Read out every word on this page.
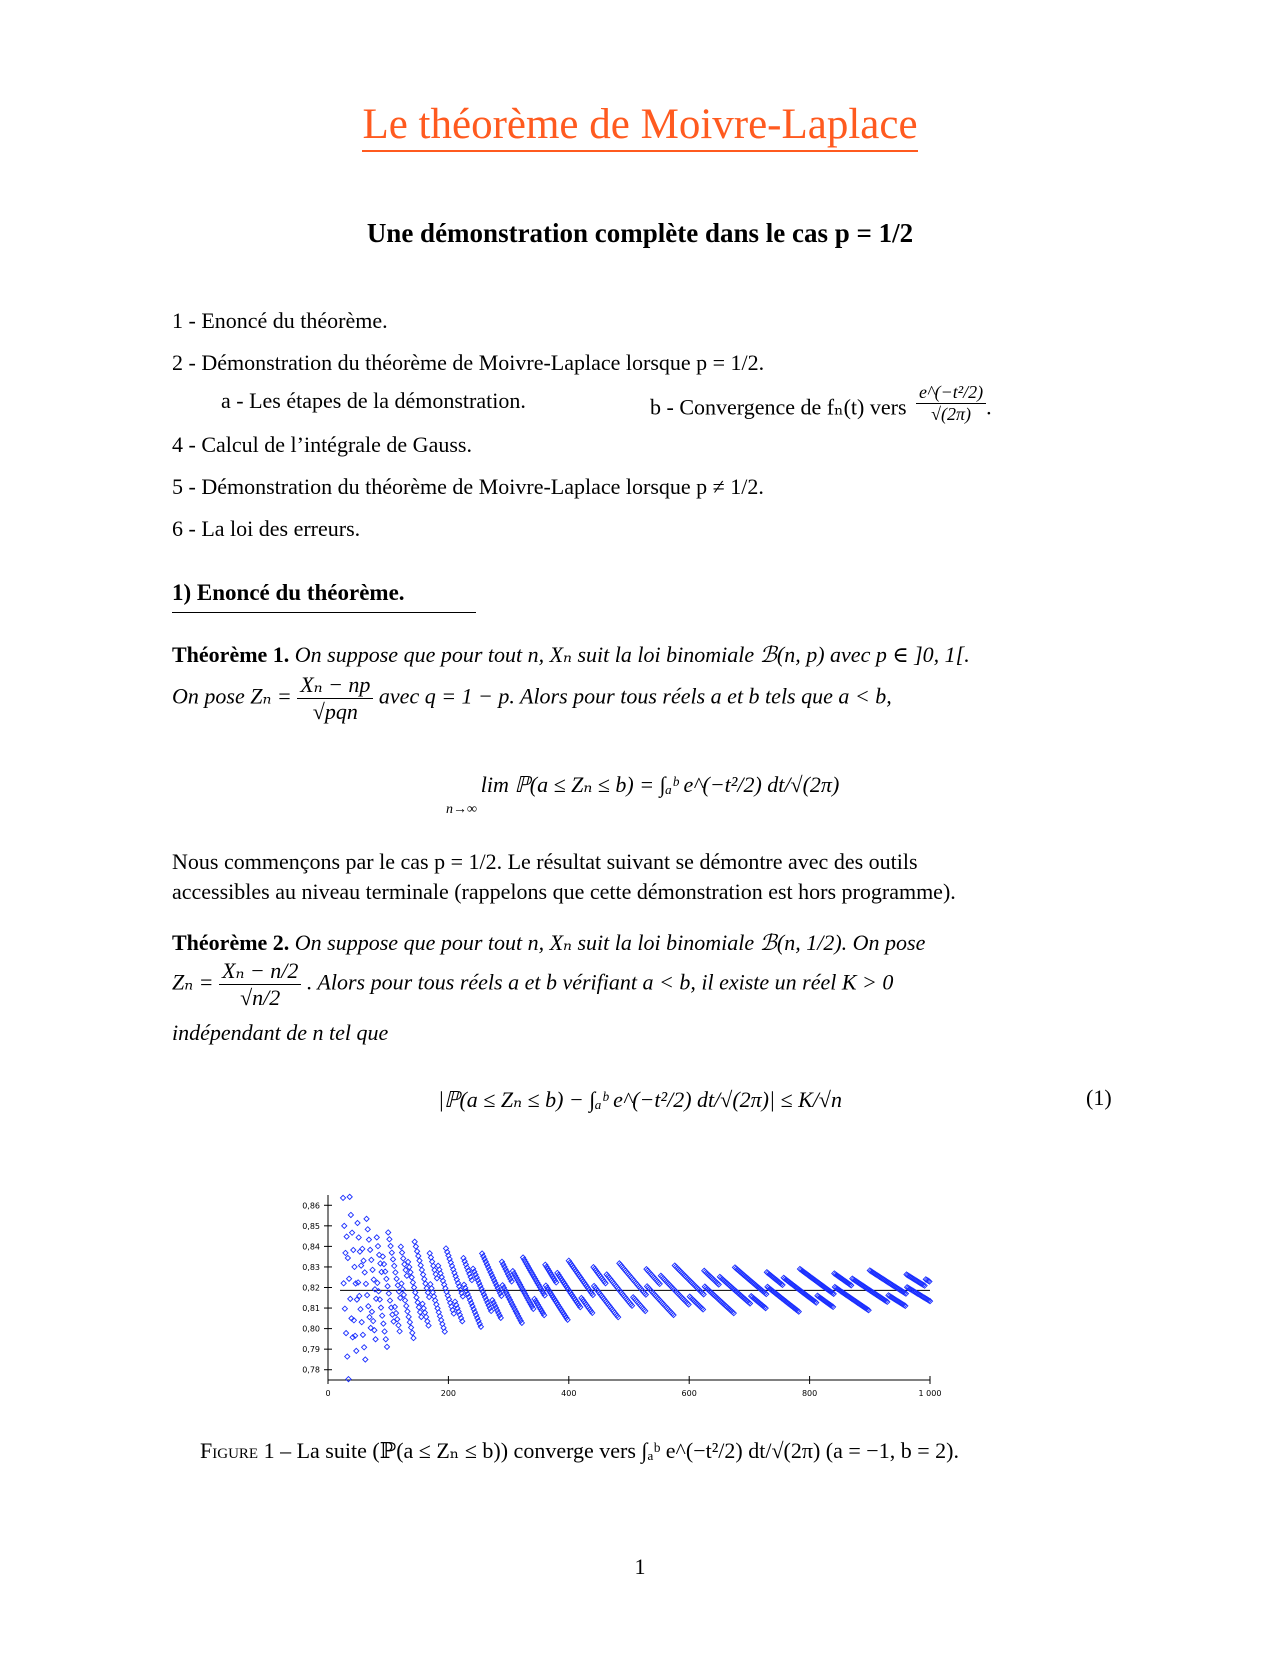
Le théorème de Moivre-Laplace
Une démonstration complète dans le cas p = 1/2
1 - Enoncé du théorème.
2 - Démonstration du théorème de Moivre-Laplace lorsque p = 1/2.
a - Les étapes de la démonstration.	b - Convergence de fₙ(t) vers $\frac{\text{e\textasciicircum{}(−t²/2)}}{√(2\pi)}$ .
4 - Calcul de l’intégrale de Gauss.
5 - Démonstration du théorème de Moivre-Laplace lorsque p ≠ 1/2.
6 - La loi des erreurs.
1) Enoncé du théorème.
Théorème 1. On suppose que pour tout n, Xₙ suit la loi binomiale ℬ(n, p) avec p ∈ ]0, 1[.
On pose $Z_n = \frac{\text{Xₙ − np}}{\text{√pqn}}$ avec q = 1 − p. Alors pour tous réels a et b tels que a < b,
lim ℙ(a ≤ Zₙ ≤ b) = ∫ₐᵇ e^(−t²/2) dt/√(2π)
n→∞
Nous commençons par le cas p = 1/2. Le résultat suivant se démontre avec des outils
accessibles au niveau terminale (rappelons que cette démonstration est hors programme).
Théorème 2. On suppose que pour tout n, Xₙ suit la loi binomiale ℬ(n, 1/2). On pose
$Z_n = \frac{\text{Xₙ − n/2}}{√n/2}$ . Alors pour tous réels a et b vérifiant a < b, il existe un réel K > 0
indépendant de n tel que
|ℙ(a ≤ Zₙ ≤ b) − ∫ₐᵇ e^(−t²/2) dt/√(2π)| ≤ K/√n	(1)
0,78
0,79
0,80
0,81
0,82
0,83
0,84
0,85
0,86
0	200	400	600	800	1 000
Figure 1 – La suite (ℙ(a ≤ Zₙ ≤ b)) converge vers ∫ₐᵇ e^(−t²/2) dt/√(2π) (a = −1, b = 2).
1
